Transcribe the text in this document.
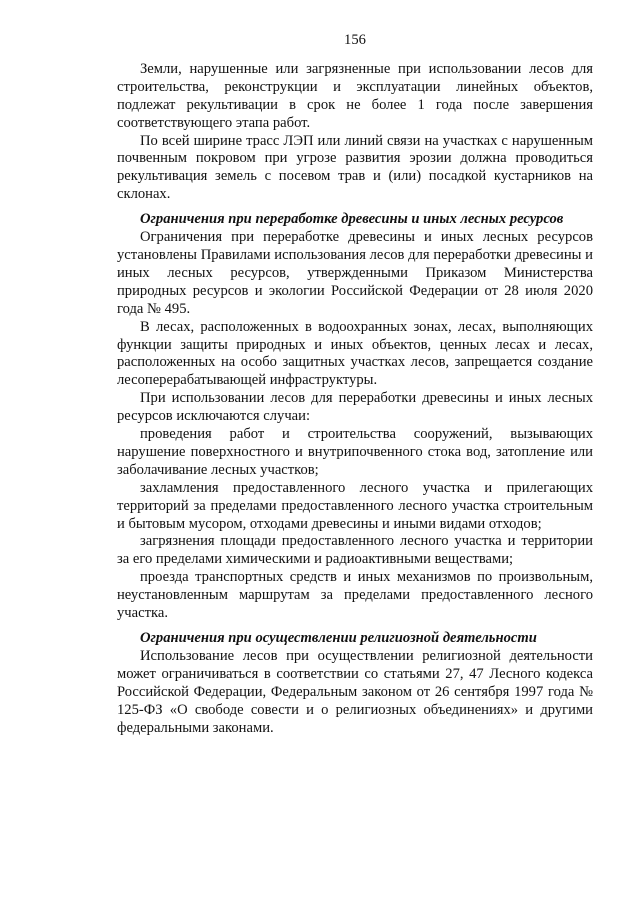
156

Земли, нарушенные или загрязненные при использовании лесов для строительства, реконструкции и эксплуатации линейных объектов, подлежат рекультивации в срок не более 1 года после завершения соответствующего этапа работ.

По всей ширине трасс ЛЭП или линий связи на участках с нарушенным почвенным покровом при угрозе развития эрозии должна проводиться рекультивация земель с посевом трав и (или) посадкой кустарников на склонах.

Ограничения при переработке древесины и иных лесных ресурсов

Ограничения при переработке древесины и иных лесных ресурсов установлены Правилами использования лесов для переработки древесины и иных лесных ресурсов, утвержденными Приказом Министерства природных ресурсов и экологии Российской Федерации от 28 июля 2020 года № 495.

В лесах, расположенных в водоохранных зонах, лесах, выполняющих функции защиты природных и иных объектов, ценных лесах и лесах, расположенных на особо защитных участках лесов, запрещается создание лесоперерабатывающей инфраструктуры.

При использовании лесов для переработки древесины и иных лесных ресурсов исключаются случаи:

проведения работ и строительства сооружений, вызывающих нарушение поверхностного и внутрипочвенного стока вод, затопление или заболачивание лесных участков;

захламления предоставленного лесного участка и прилегающих территорий за пределами предоставленного лесного участка строительным и бытовым мусором, отходами древесины и иными видами отходов;

загрязнения площади предоставленного лесного участка и территории за его пределами химическими и радиоактивными веществами;

проезда транспортных средств и иных механизмов по произвольным, неустановленным маршрутам за пределами предоставленного лесного участка.

Ограничения при осуществлении религиозной деятельности

Использование лесов при осуществлении религиозной деятельности может ограничиваться в соответствии со статьями 27, 47 Лесного кодекса Российской Федерации, Федеральным законом от 26 сентября 1997 года № 125-ФЗ «О свободе совести и о религиозных объединениях» и другими федеральными законами.
